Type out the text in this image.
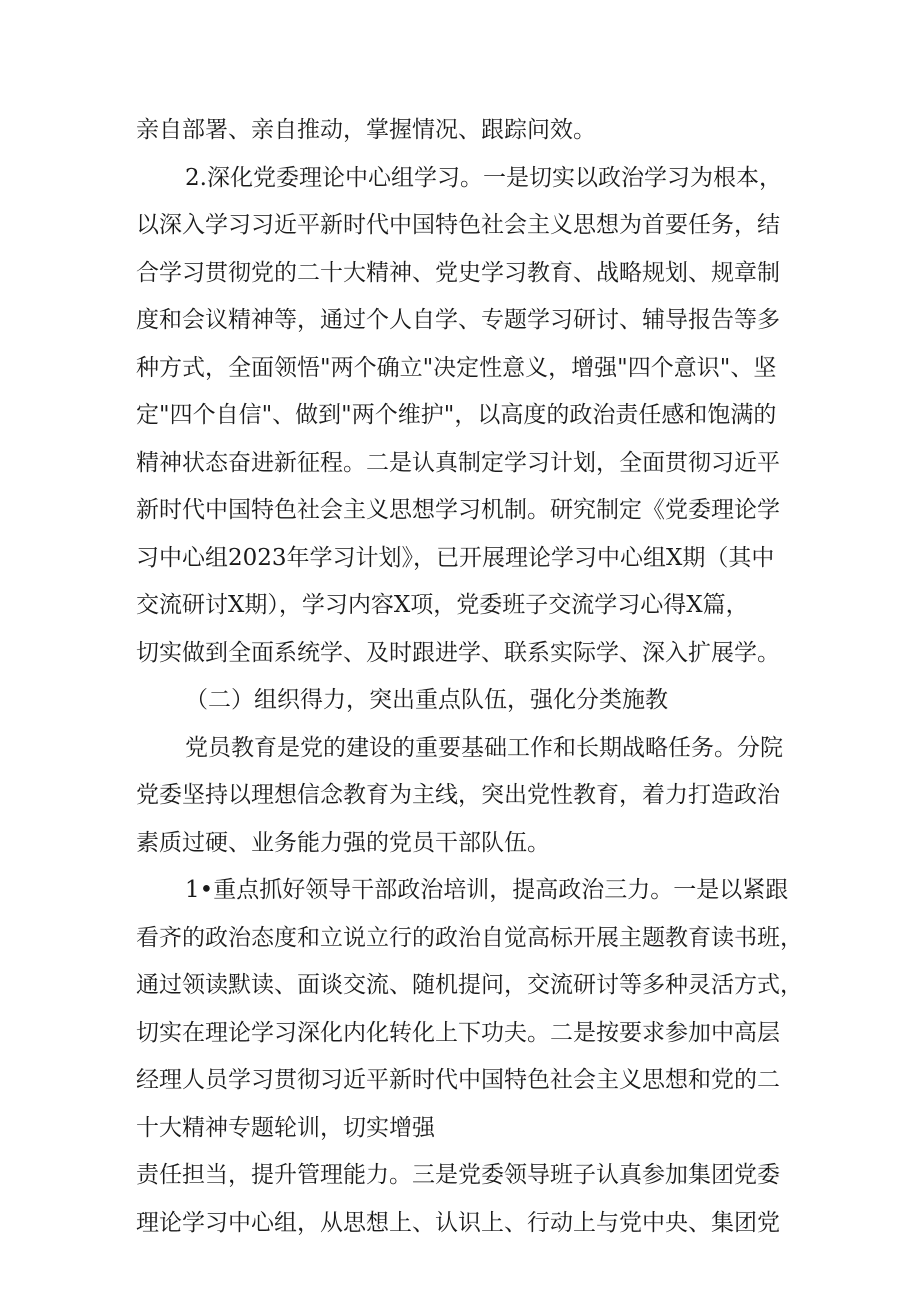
亲自部署、亲自推动，掌握情况、跟踪问效。
2.深化党委理论中心组学习。一是切实以政治学习为根本，
以深入学习习近平新时代中国特色社会主义思想为首要任务，结
合学习贯彻党的二十大精神、党史学习教育、战略规划、规章制
度和会议精神等，通过个人自学、专题学习研讨、辅导报告等多
种方式，全面领悟"两个确立"决定性意义，增强"四个意识"、坚
定"四个自信"、做到"两个维护"，以高度的政治责任感和饱满的
精神状态奋进新征程。二是认真制定学习计划，全面贯彻习近平
新时代中国特色社会主义思想学习机制。研究制定《党委理论学
习中心组2023年学习计划》，已开展理论学习中心组X期（其中
交流研讨X期），学习内容X项，党委班子交流学习心得X篇，
切实做到全面系统学、及时跟进学、联系实际学、深入扩展学。
（二）组织得力，突出重点队伍，强化分类施教
党员教育是党的建设的重要基础工作和长期战略任务。分院
党委坚持以理想信念教育为主线，突出党性教育，着力打造政治
素质过硬、业务能力强的党员干部队伍。
1•重点抓好领导干部政治培训，提高政治三力。一是以紧跟
看齐的政治态度和立说立行的政治自觉高标开展主题教育读书班，
通过领读默读、面谈交流、随机提问，交流研讨等多种灵活方式，
切实在理论学习深化内化转化上下功夫。二是按要求参加中高层
经理人员学习贯彻习近平新时代中国特色社会主义思想和党的二
十大精神专题轮训，切实增强
责任担当，提升管理能力。三是党委领导班子认真参加集团党委
理论学习中心组，从思想上、认识上、行动上与党中央、集团党
